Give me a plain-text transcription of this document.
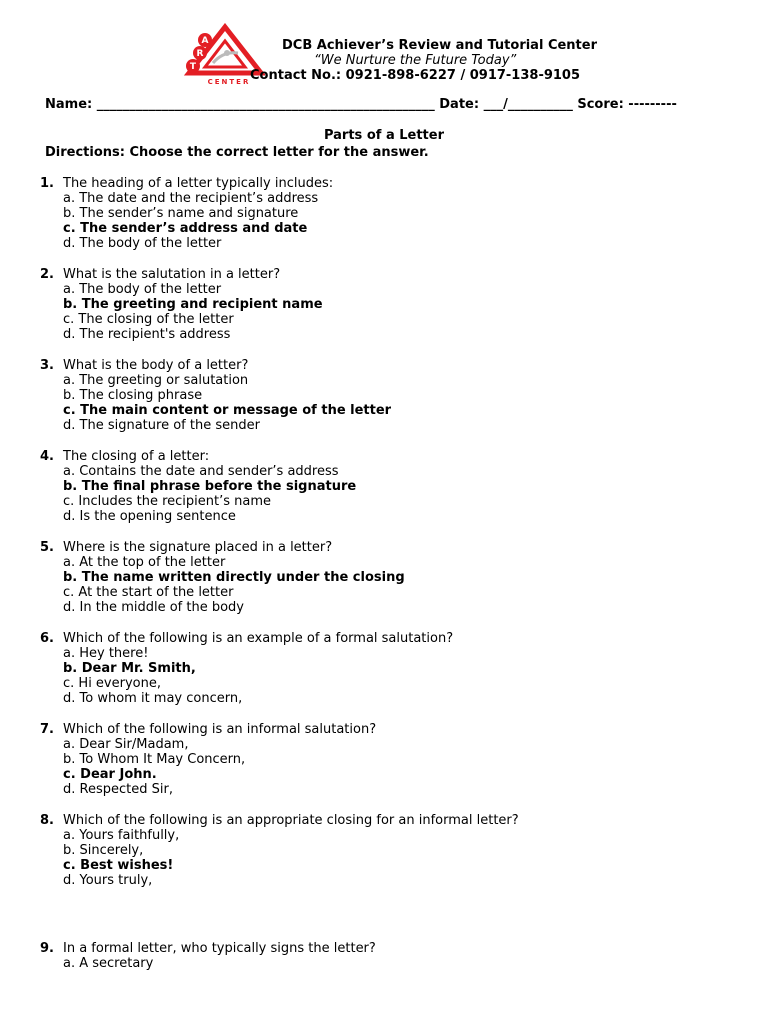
A
R
T
CENTER
DCB Achiever’s Review and Tutorial Center
“We Nurture the Future Today”
Contact No.: 0921-898-6227 / 0917-138-9105
Name: ____________________________________________________ Date: ___/__________ Score: ---------
Parts of a Letter
Directions: Choose the correct letter for the answer.
1. The heading of a letter typically includes:
a. The date and the recipient’s address
b. The sender’s name and signature
c. The sender’s address and date
d. The body of the letter
2. What is the salutation in a letter?
a. The body of the letter
b. The greeting and recipient name
c. The closing of the letter
d. The recipient's address
3. What is the body of a letter?
a. The greeting or salutation
b. The closing phrase
c. The main content or message of the letter
d. The signature of the sender
4. The closing of a letter:
a. Contains the date and sender’s address
b. The final phrase before the signature
c. Includes the recipient’s name
d. Is the opening sentence
5. Where is the signature placed in a letter?
a. At the top of the letter
b. The name written directly under the closing
c. At the start of the letter
d. In the middle of the body
6. Which of the following is an example of a formal salutation?
a. Hey there!
b. Dear Mr. Smith,
c. Hi everyone,
d. To whom it may concern,
7. Which of the following is an informal salutation?
a. Dear Sir/Madam,
b. To Whom It May Concern,
c. Dear John.
d. Respected Sir,
8. Which of the following is an appropriate closing for an informal letter?
a. Yours faithfully,
b. Sincerely,
c. Best wishes!
d. Yours truly,
9. In a formal letter, who typically signs the letter?
a. A secretary
